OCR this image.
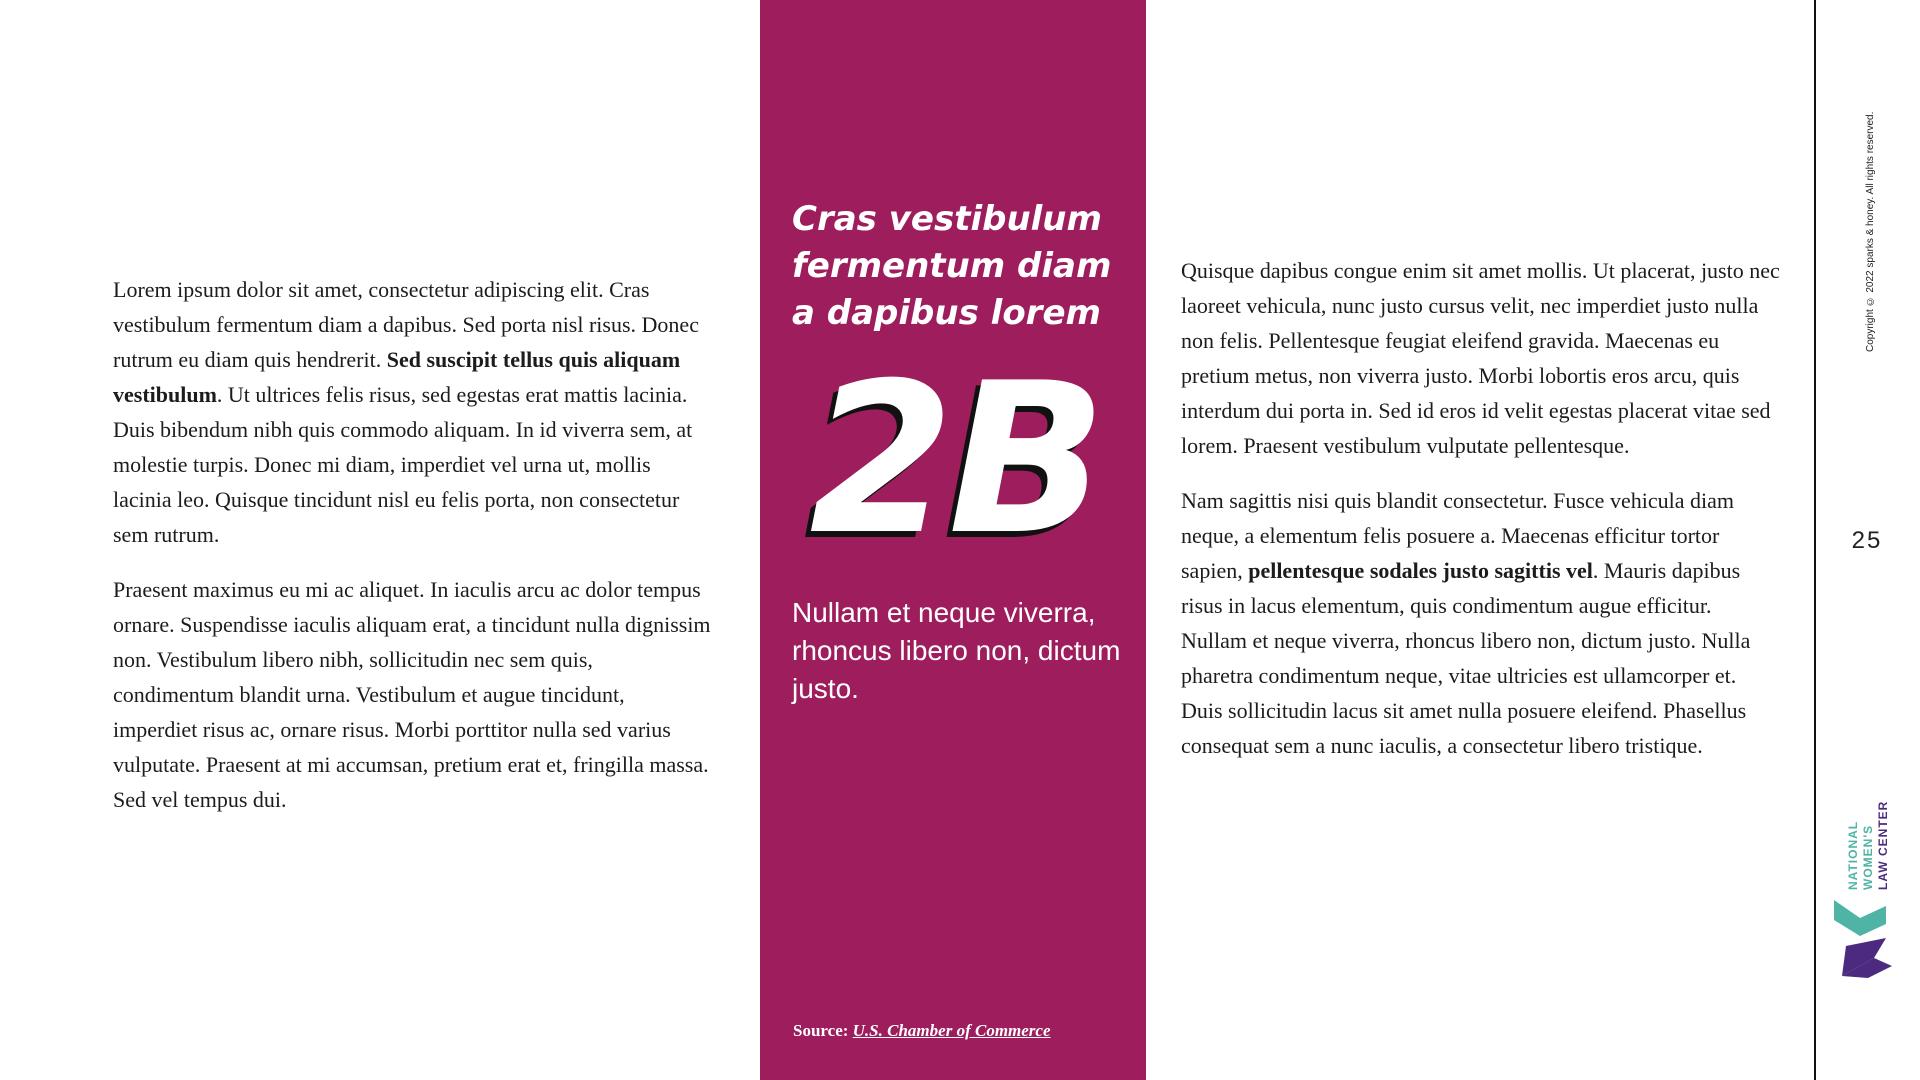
Lorem ipsum dolor sit amet, consectetur adipiscing elit. Cras vestibulum fermentum diam a dapibus. Sed porta nisl risus. Donec rutrum eu diam quis hendrerit. Sed suscipit tellus quis aliquam vestibulum. Ut ultrices felis risus, sed egestas erat mattis lacinia. Duis bibendum nibh quis commodo aliquam. In id viverra sem, at molestie turpis. Donec mi diam, imperdiet vel urna ut, mollis lacinia leo. Quisque tincidunt nisl eu felis porta, non consectetur sem rutrum.

Praesent maximus eu mi ac aliquet. In iaculis arcu ac dolor tempus ornare. Suspendisse iaculis aliquam erat, a tincidunt nulla dignissim non. Vestibulum libero nibh, sollicitudin nec sem quis, condimentum blandit urna. Vestibulum et augue tincidunt, imperdiet risus ac, ornare risus. Morbi porttitor nulla sed varius vulputate. Praesent at mi accumsan, pretium erat et, fringilla massa. Sed vel tempus dui.

Cras vestibulum fermentum diam a dapibus lorem
2B
Nullam et neque viverra, rhoncus libero non, dictum justo.
Source: U.S. Chamber of Commerce

Quisque dapibus congue enim sit amet mollis. Ut placerat, justo nec laoreet vehicula, nunc justo cursus velit, nec imperdiet justo nulla non felis. Pellentesque feugiat eleifend gravida. Maecenas eu pretium metus, non viverra justo. Morbi lobortis eros arcu, quis interdum dui porta in. Sed id eros id velit egestas placerat vitae sed lorem. Praesent vestibulum vulputate pellentesque.

Nam sagittis nisi quis blandit consectetur. Fusce vehicula diam neque, a elementum felis posuere a. Maecenas efficitur tortor sapien, pellentesque sodales justo sagittis vel. Mauris dapibus risus in lacus elementum, quis condimentum augue efficitur. Nullam et neque viverra, rhoncus libero non, dictum justo. Nulla pharetra condimentum neque, vitae ultricies est ullamcorper et. Duis sollicitudin lacus sit amet nulla posuere eleifend. Phasellus consequat sem a nunc iaculis, a consectetur libero tristique.

Copyright © 2022 sparks & honey. All rights reserved.
25
NATIONAL WOMEN'S LAW CENTER
